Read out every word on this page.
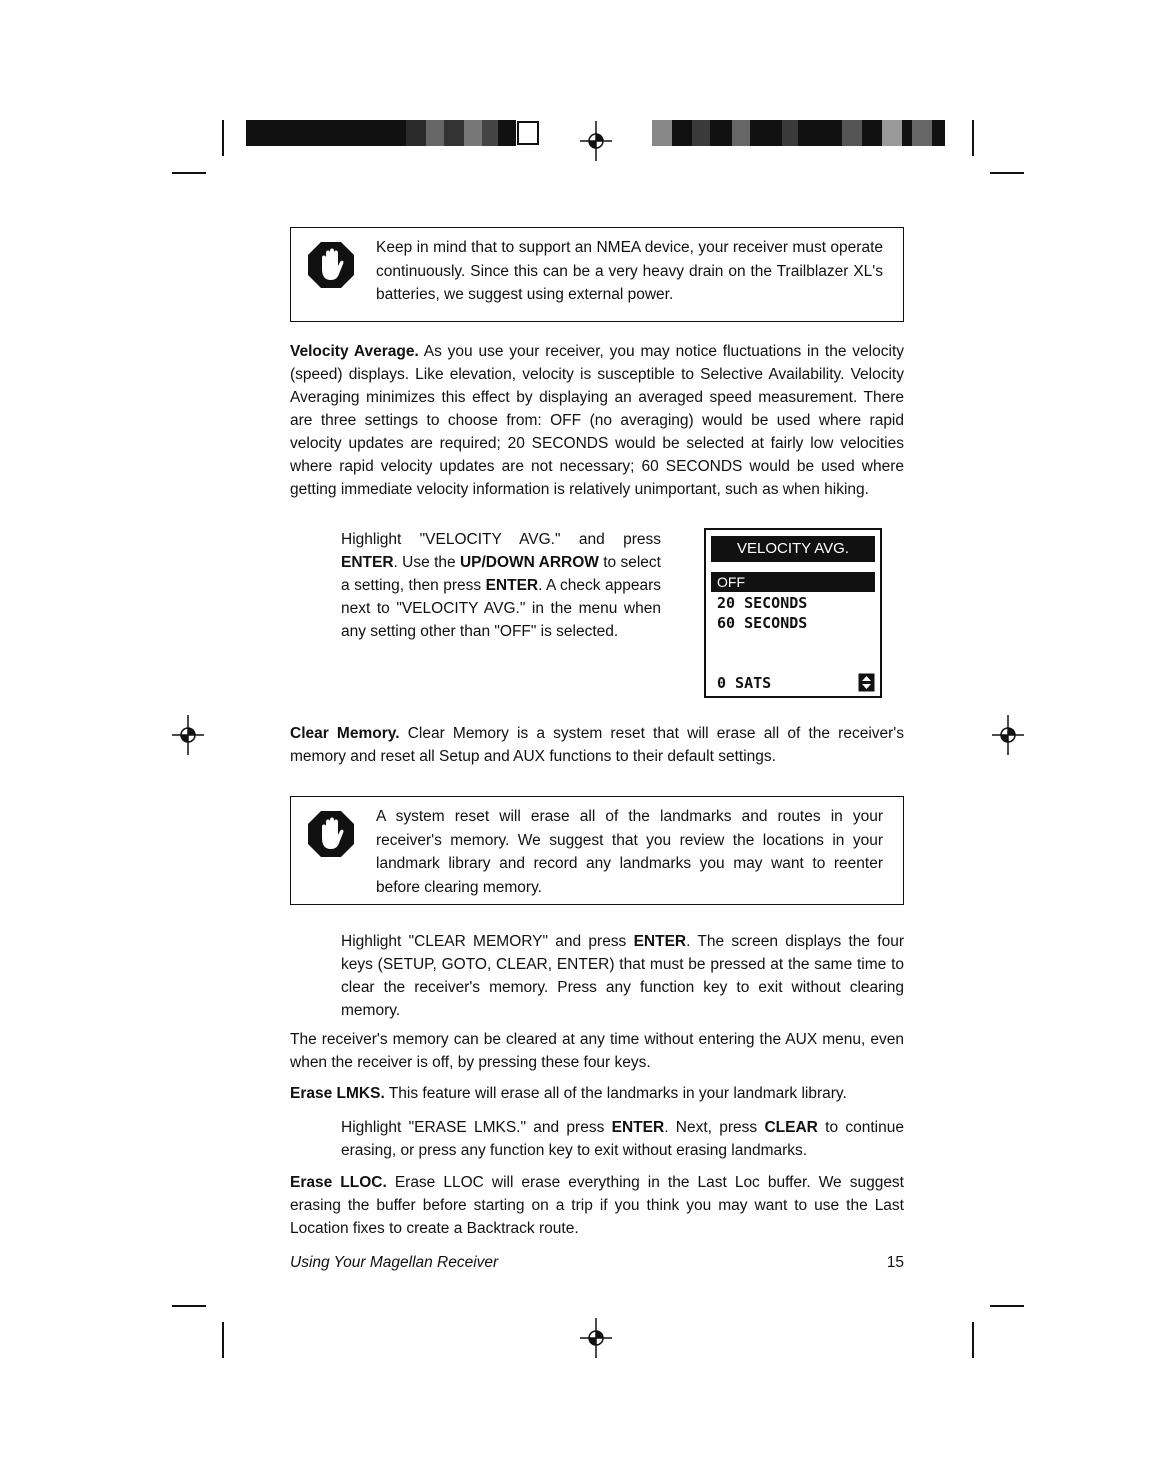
Keep in mind that to support an NMEA device, your receiver must operate continuously. Since this can be a very heavy drain on the Trailblazer XL's batteries, we suggest using external power.

Velocity Average. As you use your receiver, you may notice fluctuations in the velocity (speed) displays. Like elevation, velocity is susceptible to Selective Availability. Velocity Averaging minimizes this effect by displaying an averaged speed measurement. There are three settings to choose from: OFF (no averaging) would be used where rapid velocity updates are required; 20 SECONDS would be selected at fairly low velocities where rapid velocity updates are not necessary; 60 SECONDS would be used where getting immediate velocity information is relatively unimportant, such as when hiking.

Highlight "VELOCITY AVG." and press ENTER. Use the UP/DOWN ARROW to select a setting, then press ENTER. A check appears next to "VELOCITY AVG." in the menu when any setting other than "OFF" is selected.

VELOCITY AVG.
OFF
20 SECONDS
60 SECONDS
0 SATS

Clear Memory. Clear Memory is a system reset that will erase all of the receiver's memory and reset all Setup and AUX functions to their default settings.

A system reset will erase all of the landmarks and routes in your receiver's memory. We suggest that you review the locations in your landmark library and record any landmarks you may want to reenter before clearing memory.

Highlight "CLEAR MEMORY" and press ENTER. The screen displays the four keys (SETUP, GOTO, CLEAR, ENTER) that must be pressed at the same time to clear the receiver's memory. Press any function key to exit without clearing memory.

The receiver's memory can be cleared at any time without entering the AUX menu, even when the receiver is off, by pressing these four keys.

Erase LMKS. This feature will erase all of the landmarks in your landmark library.

Highlight "ERASE LMKS." and press ENTER. Next, press CLEAR to continue erasing, or press any function key to exit without erasing landmarks.

Erase LLOC. Erase LLOC will erase everything in the Last Loc buffer. We suggest erasing the buffer before starting on a trip if you think you may want to use the Last Location fixes to create a Backtrack route.

Using Your Magellan Receiver	15
